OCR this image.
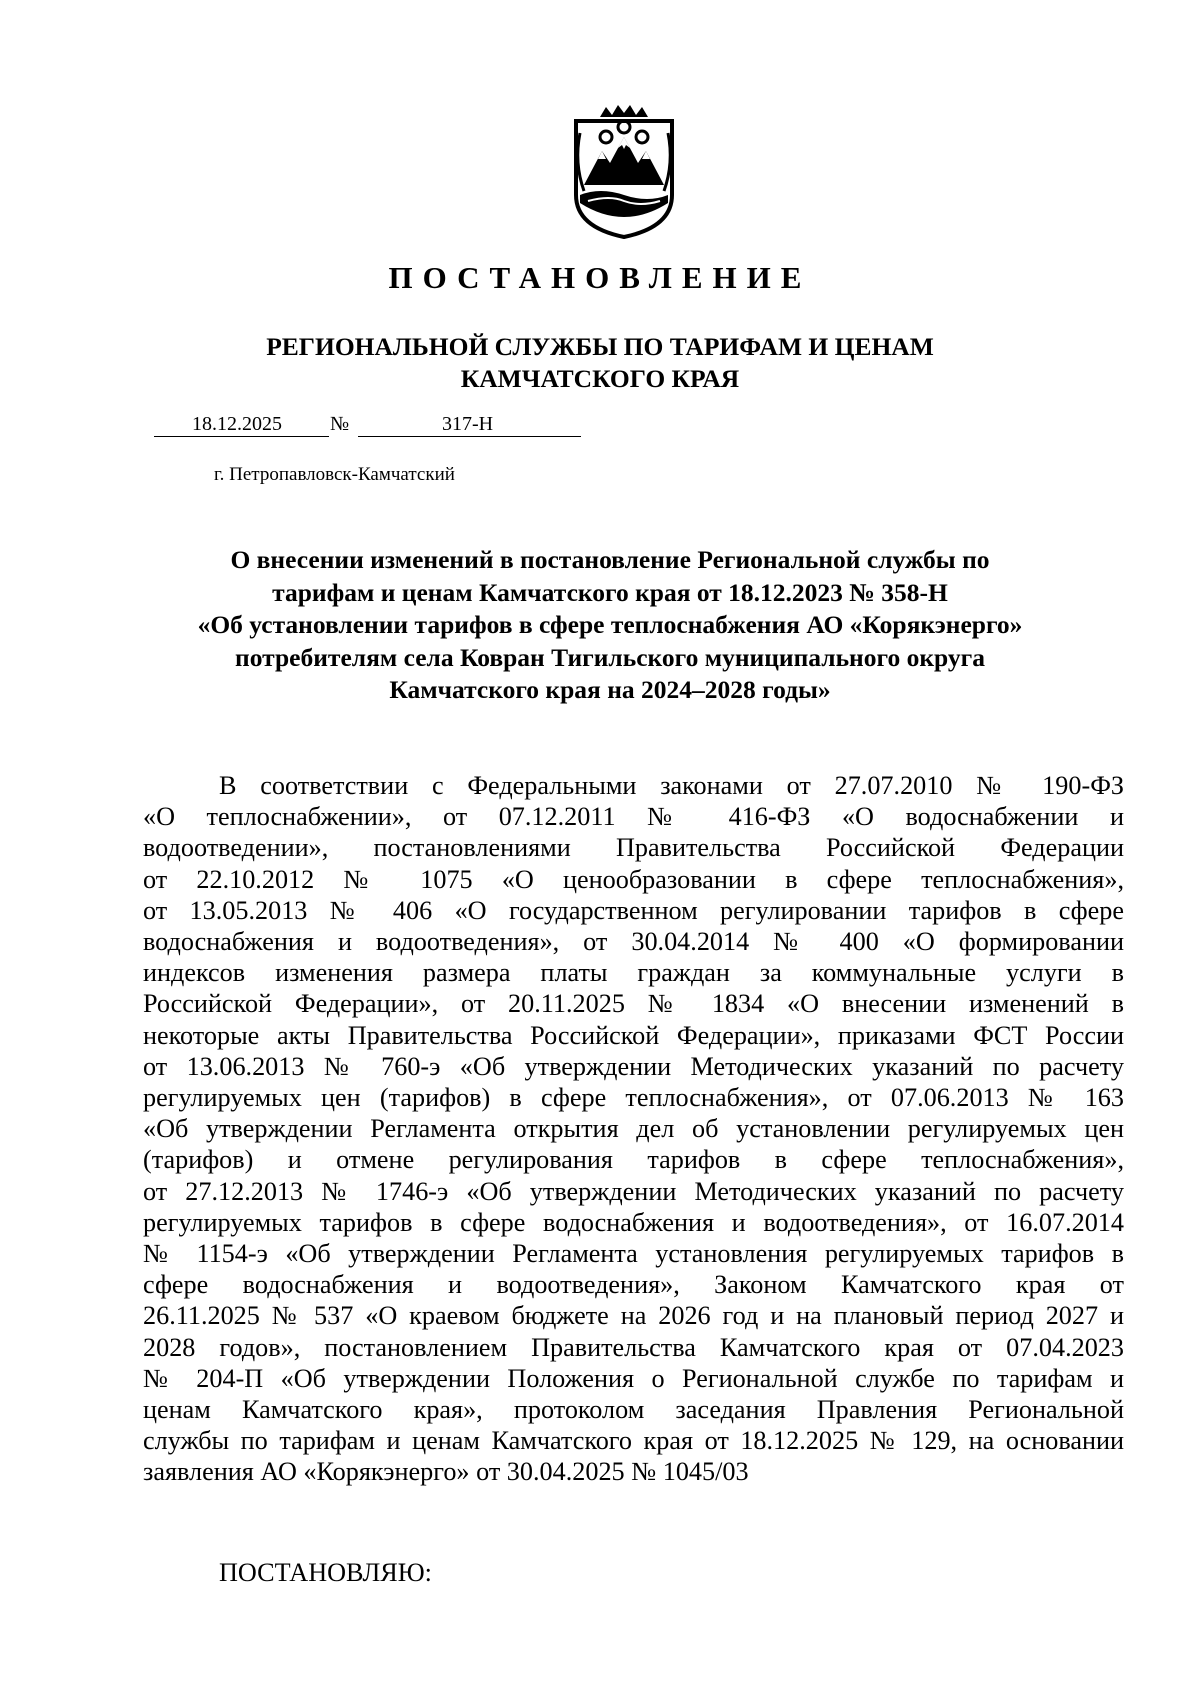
ПОСТАНОВЛЕНИЕ
РЕГИОНАЛЬНОЙ СЛУЖБЫ ПО ТАРИФАМ И ЦЕНАМ
КАМЧАТСКОГО КРАЯ
18.12.2025	№	317-Н
г. Петропавловск-Камчатский
О внесении изменений в постановление Региональной службы по
тарифам и ценам Камчатского края от 18.12.2023 № 358-Н
«Об установлении тарифов в сфере теплоснабжения АО «Корякэнерго»
потребителям села Ковран Тигильского муниципального округа
Камчатского края на 2024–2028 годы»
В соответствии с Федеральными законами от 27.07.2010 № 190-ФЗ
«О теплоснабжении», от 07.12.2011 № 416-ФЗ «О водоснабжении и
водоотведении», постановлениями Правительства Российской Федерации
от 22.10.2012 № 1075 «О ценообразовании в сфере теплоснабжения»,
от 13.05.2013 № 406 «О государственном регулировании тарифов в сфере
водоснабжения и водоотведения», от 30.04.2014 № 400 «О формировании
индексов изменения размера платы граждан за коммунальные услуги в
Российской Федерации», от 20.11.2025 № 1834 «О внесении изменений в
некоторые акты Правительства Российской Федерации», приказами ФСТ России
от 13.06.2013 № 760-э «Об утверждении Методических указаний по расчету
регулируемых цен (тарифов) в сфере теплоснабжения», от 07.06.2013 № 163
«Об утверждении Регламента открытия дел об установлении регулируемых цен
(тарифов) и отмене регулирования тарифов в сфере теплоснабжения»,
от 27.12.2013 № 1746-э «Об утверждении Методических указаний по расчету
регулируемых тарифов в сфере водоснабжения и водоотведения», от 16.07.2014
№ 1154-э «Об утверждении Регламента установления регулируемых тарифов в
сфере водоснабжения и водоотведения», Законом Камчатского края от
26.11.2025 № 537 «О краевом бюджете на 2026 год и на плановый период 2027 и
2028 годов», постановлением Правительства Камчатского края от 07.04.2023
№ 204-П «Об утверждении Положения о Региональной службе по тарифам и
ценам Камчатского края», протоколом заседания Правления Региональной
службы по тарифам и ценам Камчатского края от 18.12.2025 № 129, на основании
заявления АО «Корякэнерго» от 30.04.2025 № 1045/03
ПОСТАНОВЛЯЮ:
